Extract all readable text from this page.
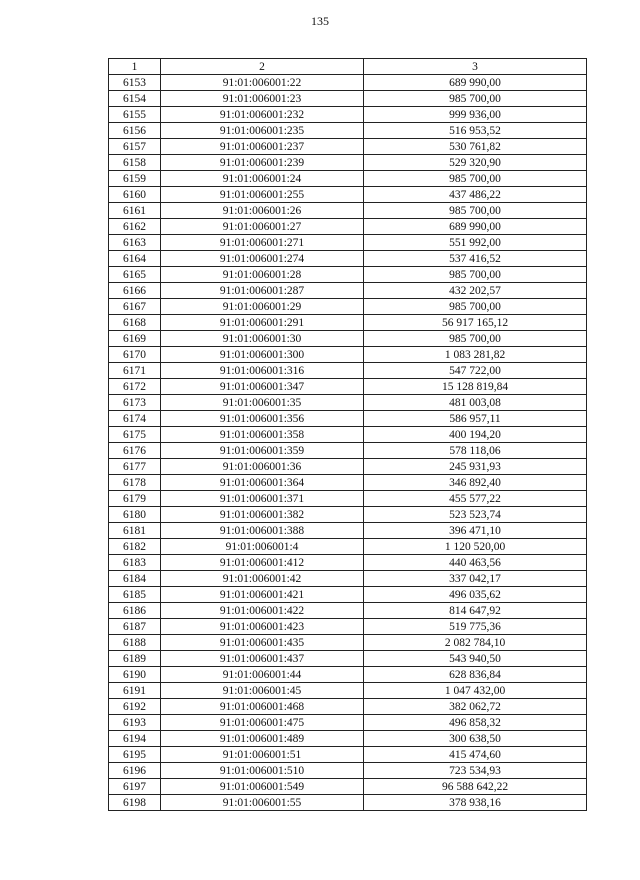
135
1	2	3
6153	91:01:006001:22	689 990,00
6154	91:01:006001:23	985 700,00
6155	91:01:006001:232	999 936,00
6156	91:01:006001:235	516 953,52
6157	91:01:006001:237	530 761,82
6158	91:01:006001:239	529 320,90
6159	91:01:006001:24	985 700,00
6160	91:01:006001:255	437 486,22
6161	91:01:006001:26	985 700,00
6162	91:01:006001:27	689 990,00
6163	91:01:006001:271	551 992,00
6164	91:01:006001:274	537 416,52
6165	91:01:006001:28	985 700,00
6166	91:01:006001:287	432 202,57
6167	91:01:006001:29	985 700,00
6168	91:01:006001:291	56 917 165,12
6169	91:01:006001:30	985 700,00
6170	91:01:006001:300	1 083 281,82
6171	91:01:006001:316	547 722,00
6172	91:01:006001:347	15 128 819,84
6173	91:01:006001:35	481 003,08
6174	91:01:006001:356	586 957,11
6175	91:01:006001:358	400 194,20
6176	91:01:006001:359	578 118,06
6177	91:01:006001:36	245 931,93
6178	91:01:006001:364	346 892,40
6179	91:01:006001:371	455 577,22
6180	91:01:006001:382	523 523,74
6181	91:01:006001:388	396 471,10
6182	91:01:006001:4	1 120 520,00
6183	91:01:006001:412	440 463,56
6184	91:01:006001:42	337 042,17
6185	91:01:006001:421	496 035,62
6186	91:01:006001:422	814 647,92
6187	91:01:006001:423	519 775,36
6188	91:01:006001:435	2 082 784,10
6189	91:01:006001:437	543 940,50
6190	91:01:006001:44	628 836,84
6191	91:01:006001:45	1 047 432,00
6192	91:01:006001:468	382 062,72
6193	91:01:006001:475	496 858,32
6194	91:01:006001:489	300 638,50
6195	91:01:006001:51	415 474,60
6196	91:01:006001:510	723 534,93
6197	91:01:006001:549	96 588 642,22
6198	91:01:006001:55	378 938,16
